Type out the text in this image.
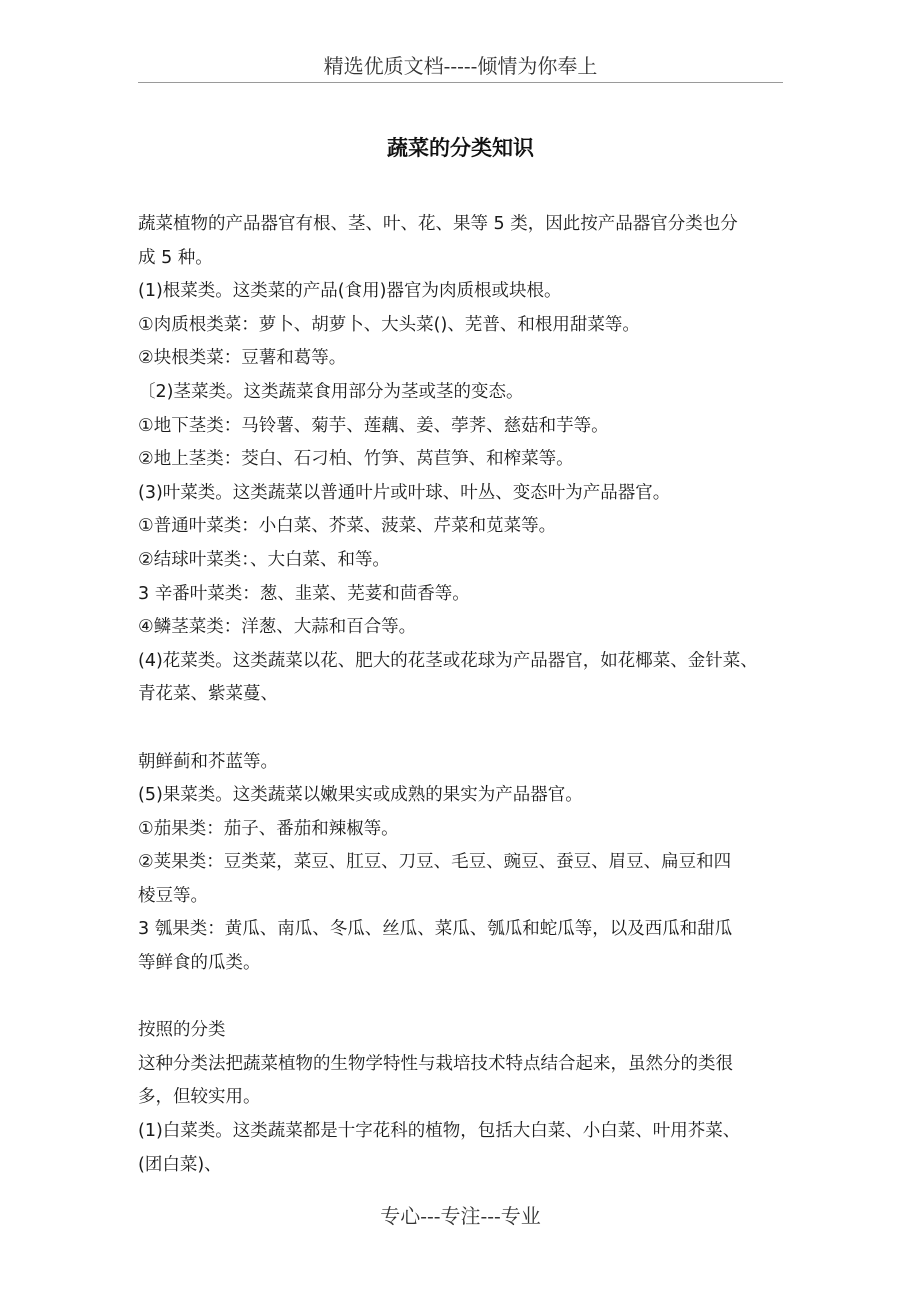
精选优质文档-----倾情为你奉上
蔬菜的分类知识
蔬菜植物的产品器官有根、茎、叶、花、果等 5 类，因此按产品器官分类也分
成 5 种。
(1)根菜类。这类菜的产品(食用)器官为肉质根或块根。
①肉质根类菜：萝卜、胡萝卜、大头菜()、芜普、和根用甜菜等。
②块根类菜：豆薯和葛等。
〔2)茎菜类。这类蔬菜食用部分为茎或茎的变态。
①地下茎类：马铃薯、菊芋、莲藕、姜、荸荠、慈菇和芋等。
②地上茎类：茭白、石刁柏、竹笋、莴苣笋、和榨菜等。
(3)叶菜类。这类蔬菜以普通叶片或叶球、叶丛、变态叶为产品器官。
①普通叶菜类：小白菜、芥菜、菠菜、芹菜和苋菜等。
②结球叶菜类：、大白菜、和等。
3 辛番叶菜类：葱、韭菜、芜荽和茴香等。
④鳞茎菜类：洋葱、大蒜和百合等。
(4)花菜类。这类蔬菜以花、肥大的花茎或花球为产品器官，如花椰菜、金针菜、
青花菜、紫菜蔓、
朝鲜蓟和芥蓝等。
(5)果菜类。这类蔬菜以嫩果实或成熟的果实为产品器官。
①茄果类：茄子、番茄和辣椒等。
②荚果类：豆类菜，菜豆、肛豆、刀豆、毛豆、豌豆、蚕豆、眉豆、扁豆和四
棱豆等。
3 瓠果类：黄瓜、南瓜、冬瓜、丝瓜、菜瓜、瓠瓜和蛇瓜等，以及西瓜和甜瓜
等鲜食的瓜类。
按照的分类
这种分类法把蔬菜植物的生物学特性与栽培技术特点结合起来，虽然分的类很
多，但较实用。
(1)白菜类。这类蔬菜都是十字花科的植物，包括大白菜、小白菜、叶用芥菜、
(团白菜)、
专心---专注---专业
